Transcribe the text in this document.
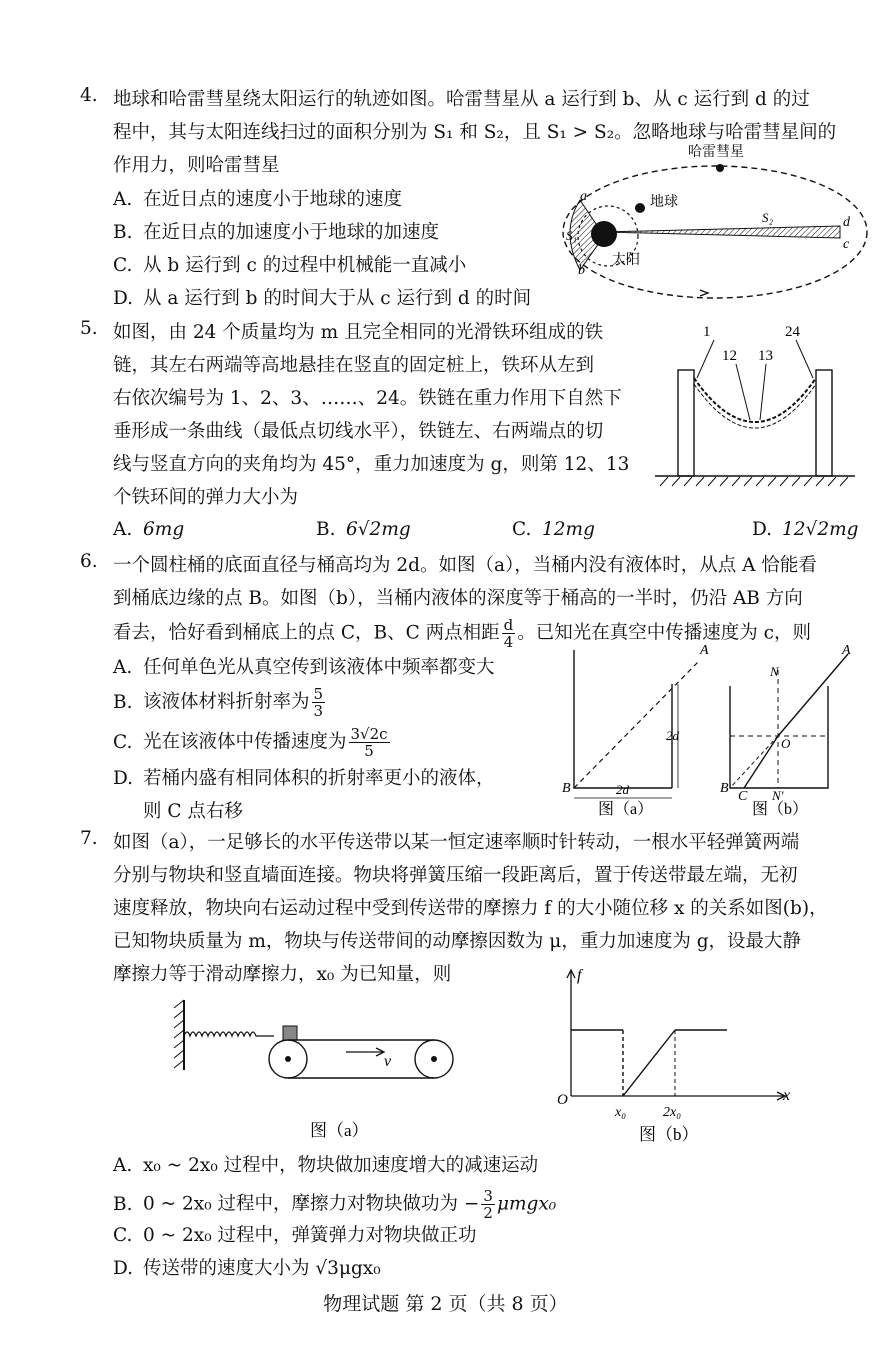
4. 地球和哈雷彗星绕太阳运行的轨迹如图。哈雷彗星从 a 运行到 b、从 c 运行到 d 的过
程中，其与太阳连线扫过的面积分别为 S₁ 和 S₂，且 S₁ > S₂。忽略地球与哈雷彗星间的
作用力，则哈雷彗星
A. 在近日点的速度小于地球的速度
B. 在近日点的加速度小于地球的加速度
C. 从 b 运行到 c 的过程中机械能一直减小
D. 从 a 运行到 b 的时间大于从 c 运行到 d 的时间
哈雷彗星
地球
太阳
S₁
S₂
a
b
c
d
5. 如图，由 24 个质量均为 m 且完全相同的光滑铁环组成的铁
链，其左右两端等高地悬挂在竖直的固定桩上，铁环从左到
右依次编号为 1、2、3、……、24。铁链在重力作用下自然下
垂形成一条曲线（最低点切线水平），铁链左、右两端点的切
线与竖直方向的夹角均为 45°，重力加速度为 g，则第 12、13
个铁环间的弹力大小为
A. 6mg	B. 6√2mg	C. 12mg	D. 12√2mg
1	24
12 13
6. 一个圆柱桶的底面直径与桶高均为 2d。如图（a），当桶内没有液体时，从点 A 恰能看
到桶底边缘的点 B。如图（b），当桶内液体的深度等于桶高的一半时，仍沿 AB 方向
看去，恰好看到桶底上的点 C，B、C 两点相距 $\frac{d}{4}$ 。已知光在真空中传播速度为 c，则
A. 任何单色光从真空传到该液体中频率都变大
B. 该液体材料折射率为 $\frac{5}{3}$
C. 光在该液体中传播速度为 $\frac{3√2c}{5}$
D. 若桶内盛有相同体积的折射率更小的液体，
则 C 点右移
A
B
2d
2d
图（a）
A
N
O
B
C N'
图（b）
7. 如图（a），一足够长的水平传送带以某一恒定速率顺时针转动，一根水平轻弹簧两端
分别与物块和竖直墙面连接。物块将弹簧压缩一段距离后，置于传送带最左端，无初
速度释放，物块向右运动过程中受到传送带的摩擦力 f 的大小随位移 x 的关系如图(b)，
已知物块质量为 m，物块与传送带间的动摩擦因数为 μ，重力加速度为 g，设最大静
摩擦力等于滑动摩擦力，x₀ 为已知量，则
v
图（a）
f
x
O
x₀	2x₀
图（b）
A. x₀ ~ 2x₀ 过程中，物块做加速度增大的减速运动
B. 0 ~ 2x₀ 过程中，摩擦力对物块做功为 − $\frac{3}{2} \mu mgx_0$
C. 0 ~ 2x₀ 过程中，弹簧弹力对物块做正功
D. 传送带的速度大小为 √3μgx₀
物理试题 第 2 页（共 8 页）
